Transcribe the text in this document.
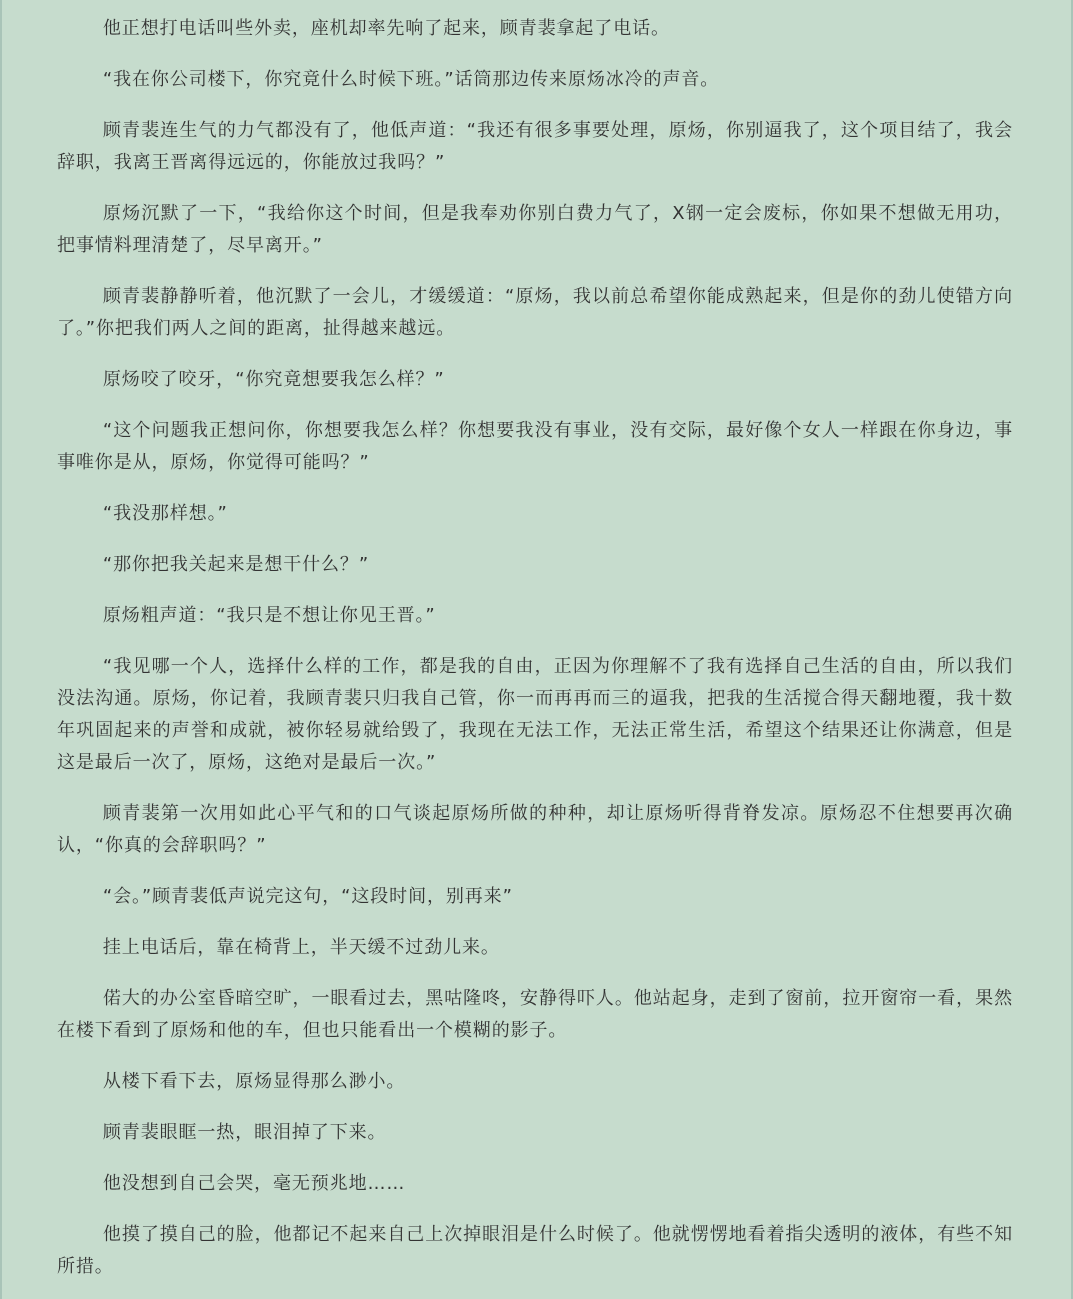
他正想打电话叫些外卖，座机却率先响了起来，顾青裴拿起了电话。

“我在你公司楼下，你究竟什么时候下班。”话筒那边传来原炀冰冷的声音。

顾青裴连生气的力气都没有了，他低声道：“我还有很多事要处理，原炀，你别逼我了，这个项目结了，我会辞职，我离王晋离得远远的，你能放过我吗？”

原炀沉默了一下，“我给你这个时间，但是我奉劝你别白费力气了，X钢一定会废标，你如果不想做无用功，把事情料理清楚了，尽早离开。”

顾青裴静静听着，他沉默了一会儿，才缓缓道：“原炀，我以前总希望你能成熟起来，但是你的劲儿使错方向了。”你把我们两人之间的距离，扯得越来越远。

原炀咬了咬牙，“你究竟想要我怎么样？”

“这个问题我正想问你，你想要我怎么样？你想要我没有事业，没有交际，最好像个女人一样跟在你身边，事事唯你是从，原炀，你觉得可能吗？”

“我没那样想。”

“那你把我关起来是想干什么？”

原炀粗声道：“我只是不想让你见王晋。”

“我见哪一个人，选择什么样的工作，都是我的自由，正因为你理解不了我有选择自己生活的自由，所以我们没法沟通。原炀，你记着，我顾青裴只归我自己管，你一而再再而三的逼我，把我的生活搅合得天翻地覆，我十数年巩固起来的声誉和成就，被你轻易就给毁了，我现在无法工作，无法正常生活，希望这个结果还让你满意，但是这是最后一次了，原炀，这绝对是最后一次。”

顾青裴第一次用如此心平气和的口气谈起原炀所做的种种，却让原炀听得背脊发凉。原炀忍不住想要再次确认，“你真的会辞职吗？”

“会。”顾青裴低声说完这句，“这段时间，别再来”

挂上电话后，靠在椅背上，半天缓不过劲儿来。

偌大的办公室昏暗空旷，一眼看过去，黑咕隆咚，安静得吓人。他站起身，走到了窗前，拉开窗帘一看，果然在楼下看到了原炀和他的车，但也只能看出一个模糊的影子。

从楼下看下去，原炀显得那么渺小。

顾青裴眼眶一热，眼泪掉了下来。

他没想到自己会哭，毫无预兆地……

他摸了摸自己的脸，他都记不起来自己上次掉眼泪是什么时候了。他就愣愣地看着指尖透明的液体，有些不知所措。
